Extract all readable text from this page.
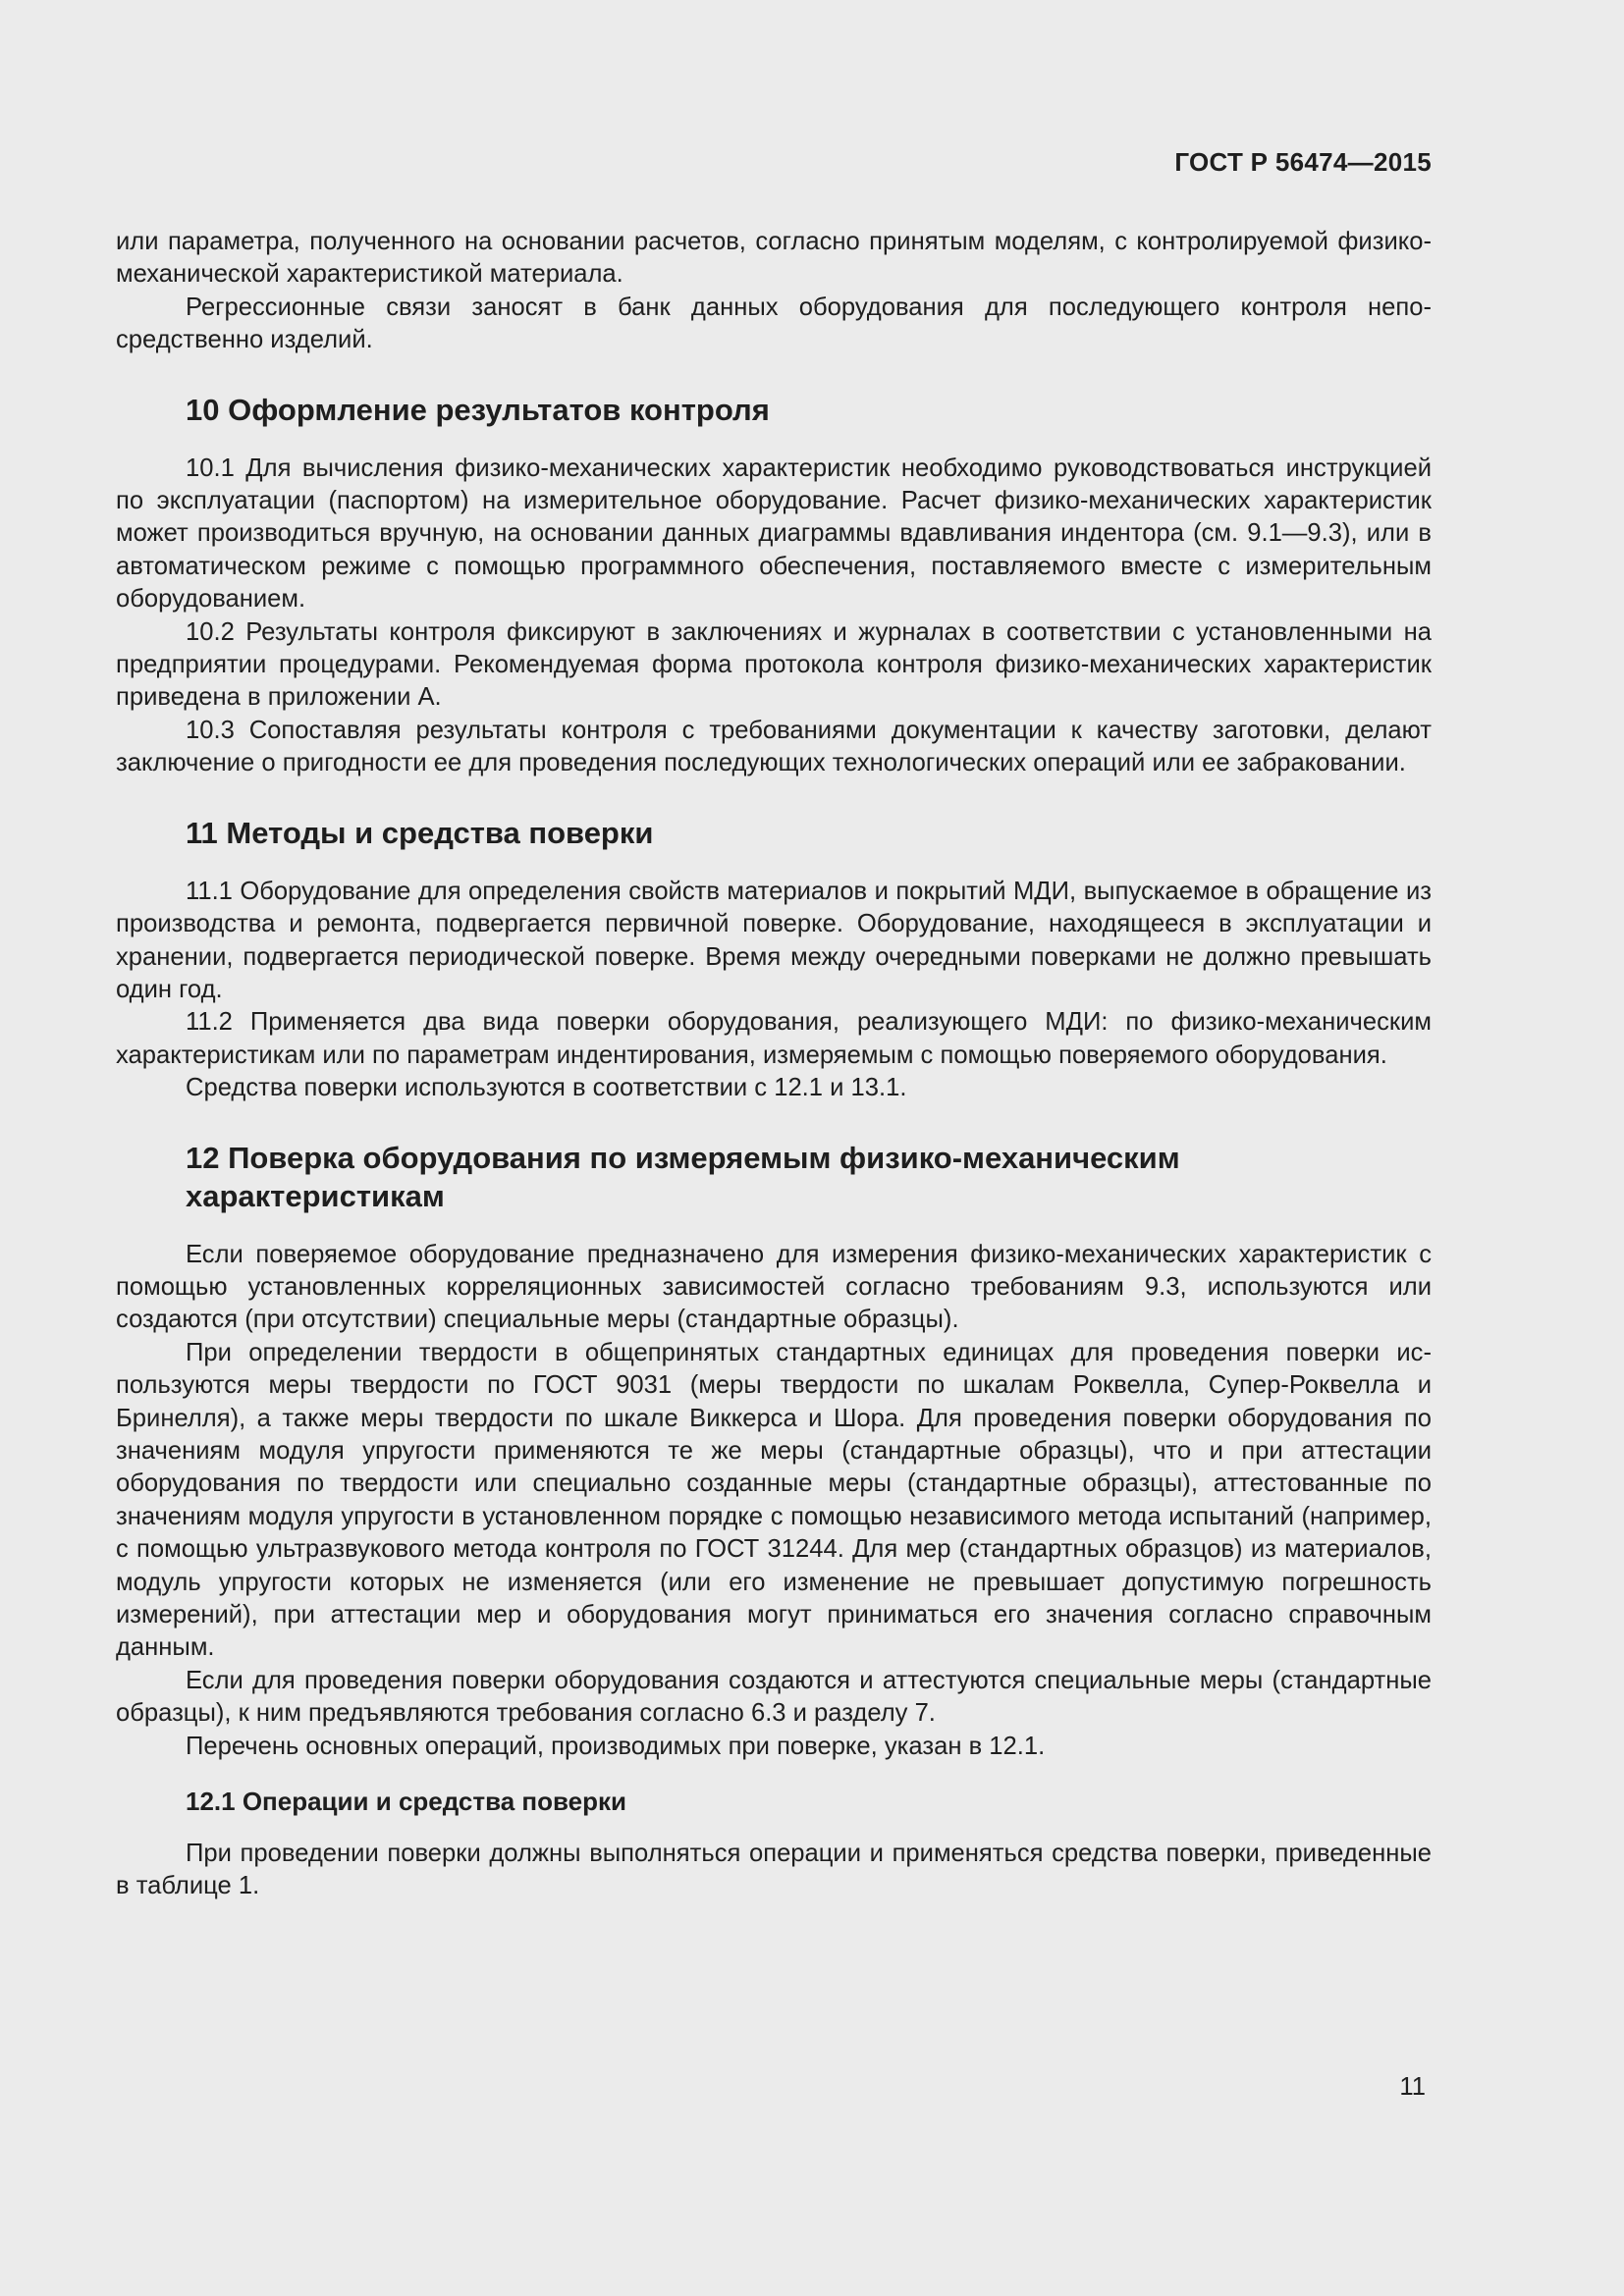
ГОСТ Р 56474—2015

или параметра, полученного на основании расчетов, согласно принятым моделям, с контролируемой физико-механической характеристикой материала.

Регрессионные связи заносят в банк данных оборудования для последующего контроля непосредственно изделий.

10 Оформление результатов контроля

10.1 Для вычисления физико-механических характеристик необходимо руководствоваться инструкцией по эксплуатации (паспортом) на измерительное оборудование. Расчет физико-механических характеристик может производиться вручную, на основании данных диаграммы вдавливания индентора (см. 9.1—9.3), или в автоматическом режиме с помощью программного обеспечения, поставляемого вместе с измерительным оборудованием.

10.2 Результаты контроля фиксируют в заключениях и журналах в соответствии с установленными на предприятии процедурами. Рекомендуемая форма протокола контроля физико-механических характеристик приведена в приложении А.

10.3 Сопоставляя результаты контроля с требованиями документации к качеству заготовки, делают заключение о пригодности ее для проведения последующих технологических операций или ее забраковании.

11 Методы и средства поверки

11.1 Оборудование для определения свойств материалов и покрытий МДИ, выпускаемое в обращение из производства и ремонта, подвергается первичной поверке. Оборудование, находящееся в эксплуатации и хранении, подвергается периодической поверке. Время между очередными поверками не должно превышать один год.

11.2 Применяется два вида поверки оборудования, реализующего МДИ: по физико-механическим характеристикам или по параметрам индентирования, измеряемым с помощью поверяемого оборудования.

Средства поверки используются в соответствии с 12.1 и 13.1.

12 Поверка оборудования по измеряемым физико-механическим
характеристикам

Если поверяемое оборудование предназначено для измерения физико-механических характеристик с помощью установленных корреляционных зависимостей согласно требованиям 9.3, используются или создаются (при отсутствии) специальные меры (стандартные образцы).

При определении твердости в общепринятых стандартных единицах для проведения поверки используются меры твердости по ГОСТ 9031 (меры твердости по шкалам Роквелла, Супер-Роквелла и Бринелля), а также меры твердости по шкале Виккерса и Шора. Для проведения поверки оборудования по значениям модуля упругости применяются те же меры (стандартные образцы), что и при аттестации оборудования по твердости или специально созданные меры (стандартные образцы), аттестованные по значениям модуля упругости в установленном порядке с помощью независимого метода испытаний (например, с помощью ультразвукового метода контроля по ГОСТ 31244. Для мер (стандартных образцов) из материалов, модуль упругости которых не изменяется (или его изменение не превышает допустимую погрешность измерений), при аттестации мер и оборудования могут приниматься его значения согласно справочным данным.

Если для проведения поверки оборудования создаются и аттестуются специальные меры (стандартные образцы), к ним предъявляются требования согласно 6.3 и разделу 7.

Перечень основных операций, производимых при поверке, указан в 12.1.

12.1 Операции и средства поверки

При проведении поверки должны выполняться операции и применяться средства поверки, приведенные в таблице 1.

11
